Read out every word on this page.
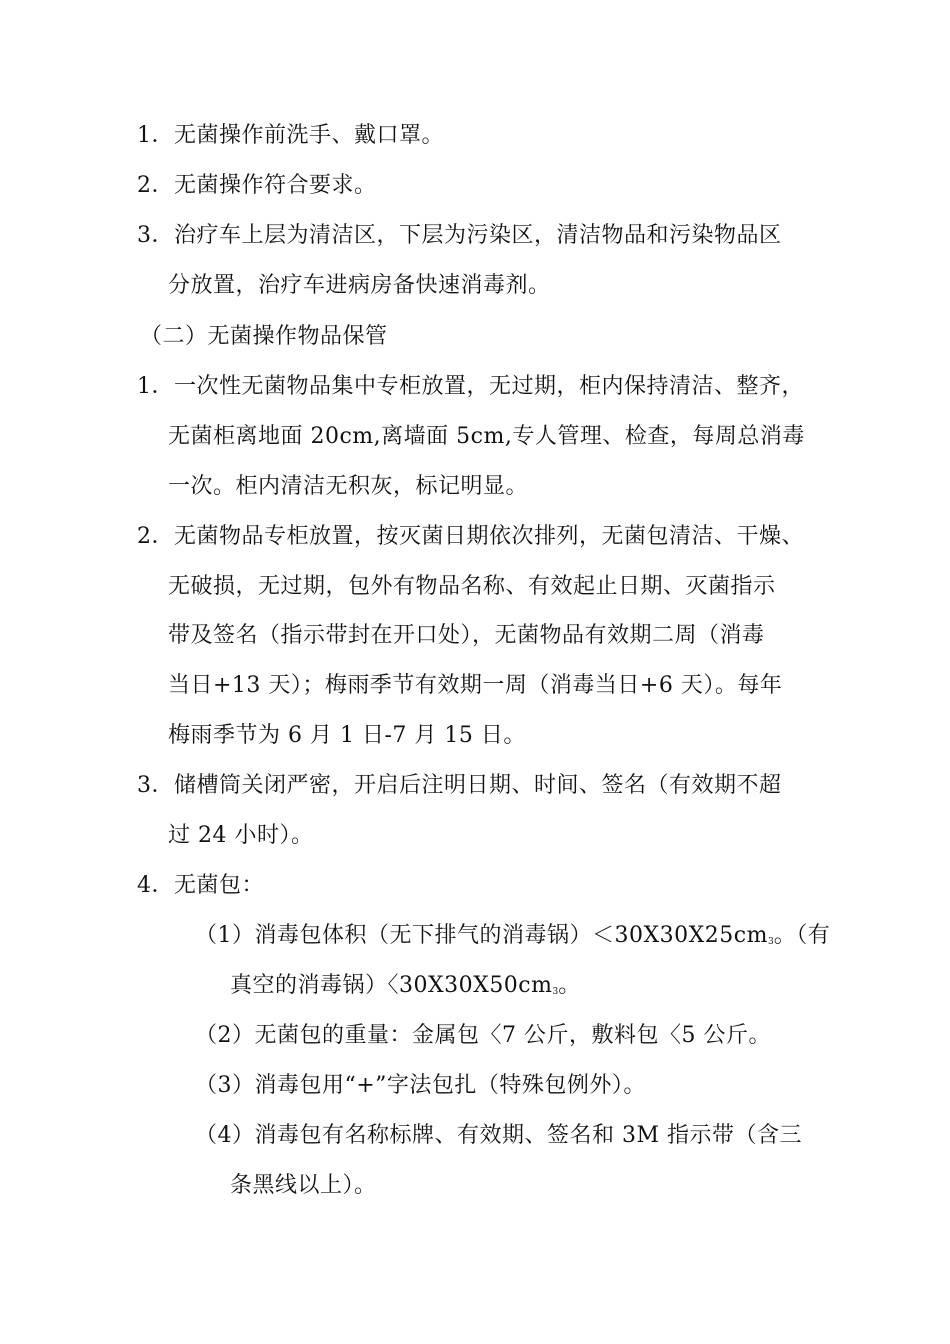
1．无菌操作前洗手、戴口罩。
2．无菌操作符合要求。
3．治疗车上层为清洁区，下层为污染区，清洁物品和污染物品区
分放置，治疗车进病房备快速消毒剂。
（二）无菌操作物品保管
1．一次性无菌物品集中专柜放置，无过期，柜内保持清洁、整齐，
无菌柜离地面 20cm,离墙面 5cm,专人管理、检查，每周总消毒
一次。柜内清洁无积灰，标记明显。
2．无菌物品专柜放置，按灭菌日期依次排列，无菌包清洁、干燥、
无破损，无过期，包外有物品名称、有效起止日期、灭菌指示
带及签名（指示带封在开口处），无菌物品有效期二周（消毒
当日+13 天）；梅雨季节有效期一周（消毒当日+6 天）。每年
梅雨季节为 6 月 1 日-7 月 15 日。
3．储槽筒关闭严密，开启后注明日期、时间、签名（有效期不超
过 24 小时）。
4．无菌包：
（1）消毒包体积（无下排气的消毒锅）$<30X30X25cm_3$。（有
真空的消毒锅）〈$30X30X50cm_3$。
（2）无菌包的重量：金属包〈7 公斤，敷料包〈5 公斤。
（3）消毒包用“+”字法包扎（特殊包例外）。
（4）消毒包有名称标牌、有效期、签名和 3M 指示带（含三
条黑线以上）。
